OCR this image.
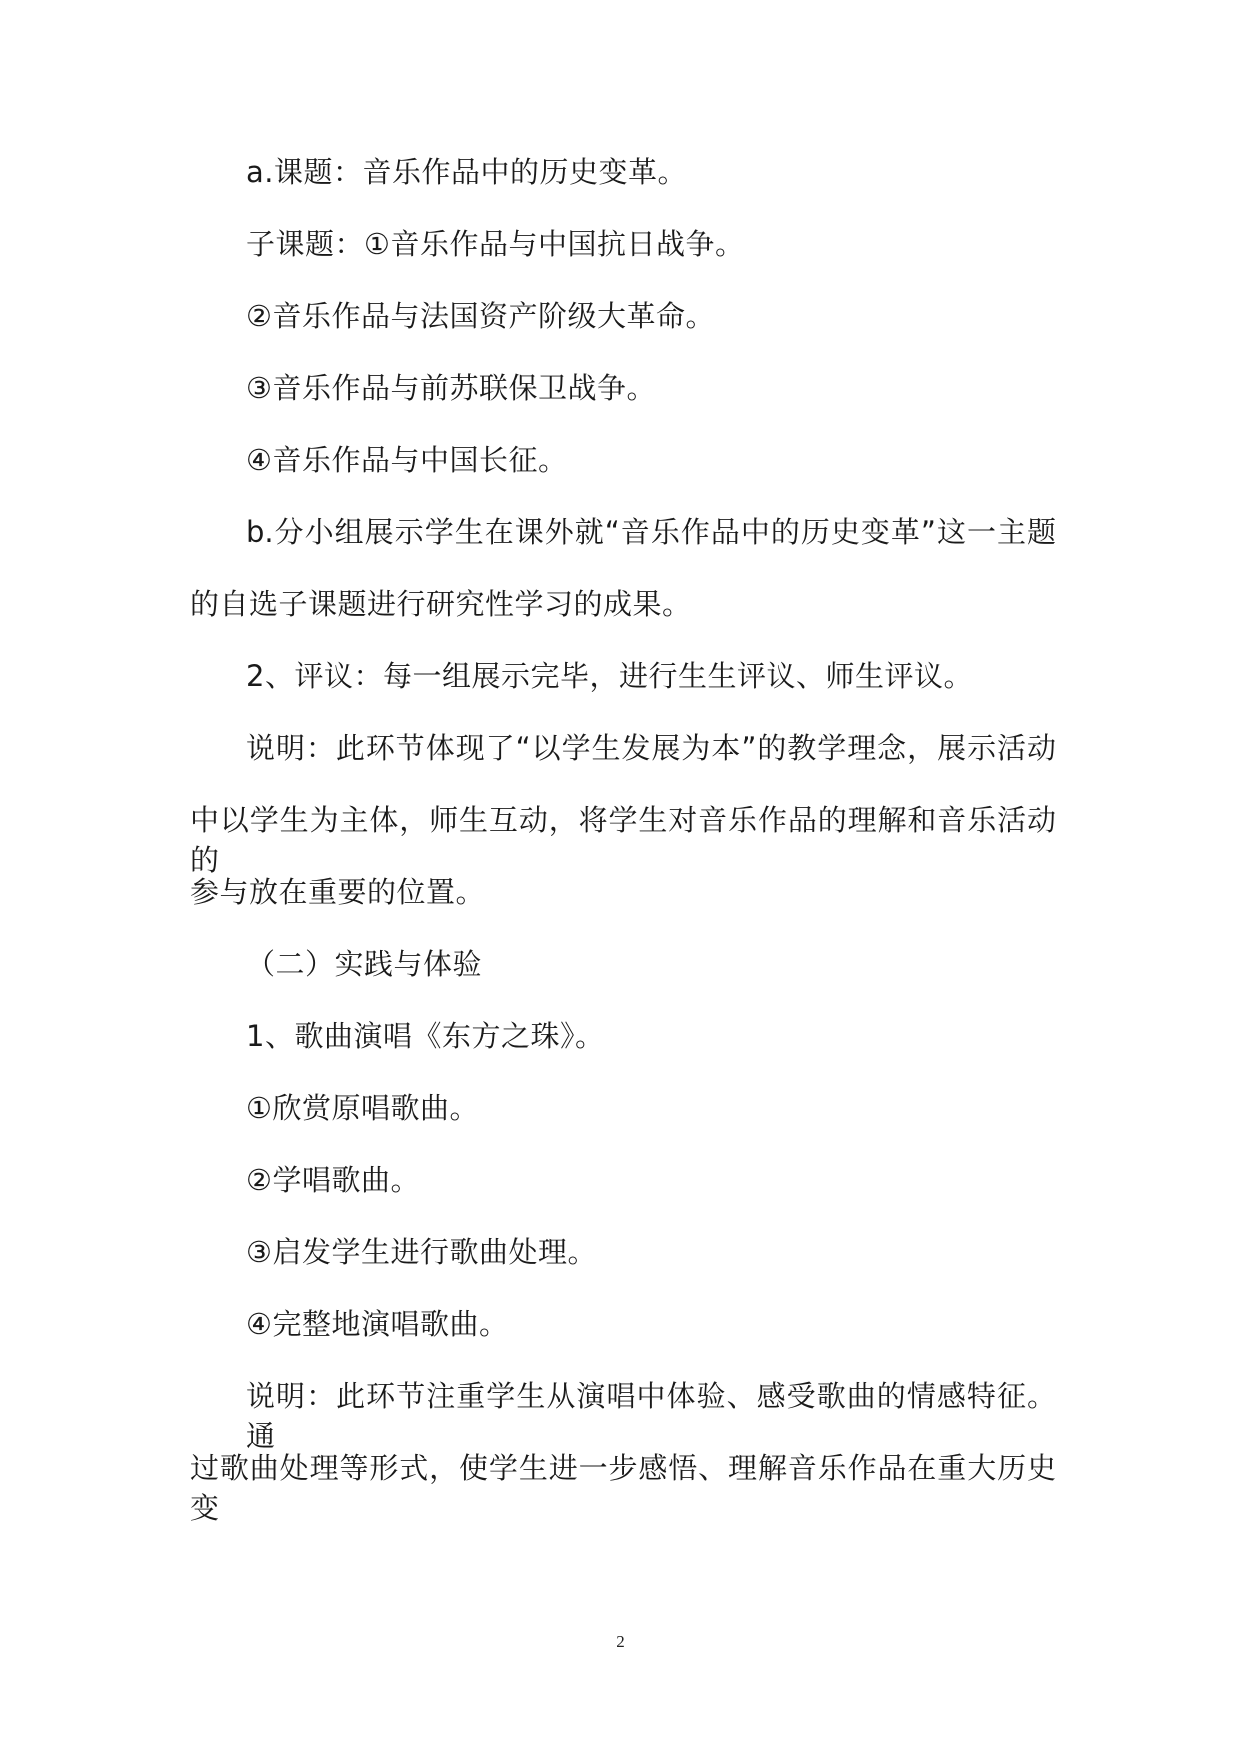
a.课题：音乐作品中的历史变革。
子课题：①音乐作品与中国抗日战争。
②音乐作品与法国资产阶级大革命。
③音乐作品与前苏联保卫战争。
④音乐作品与中国长征。
b.分小组展示学生在课外就“音乐作品中的历史变革”这一主题
的自选子课题进行研究性学习的成果。
2、评议：每一组展示完毕，进行生生评议、师生评议。
说明：此环节体现了“以学生发展为本”的教学理念，展示活动
中以学生为主体，师生互动，将学生对音乐作品的理解和音乐活动的
参与放在重要的位置。
（二）实践与体验
1、歌曲演唱《东方之珠》。
①欣赏原唱歌曲。
②学唱歌曲。
③启发学生进行歌曲处理。
④完整地演唱歌曲。
说明：此环节注重学生从演唱中体验、感受歌曲的情感特征。通
过歌曲处理等形式，使学生进一步感悟、理解音乐作品在重大历史变
2
